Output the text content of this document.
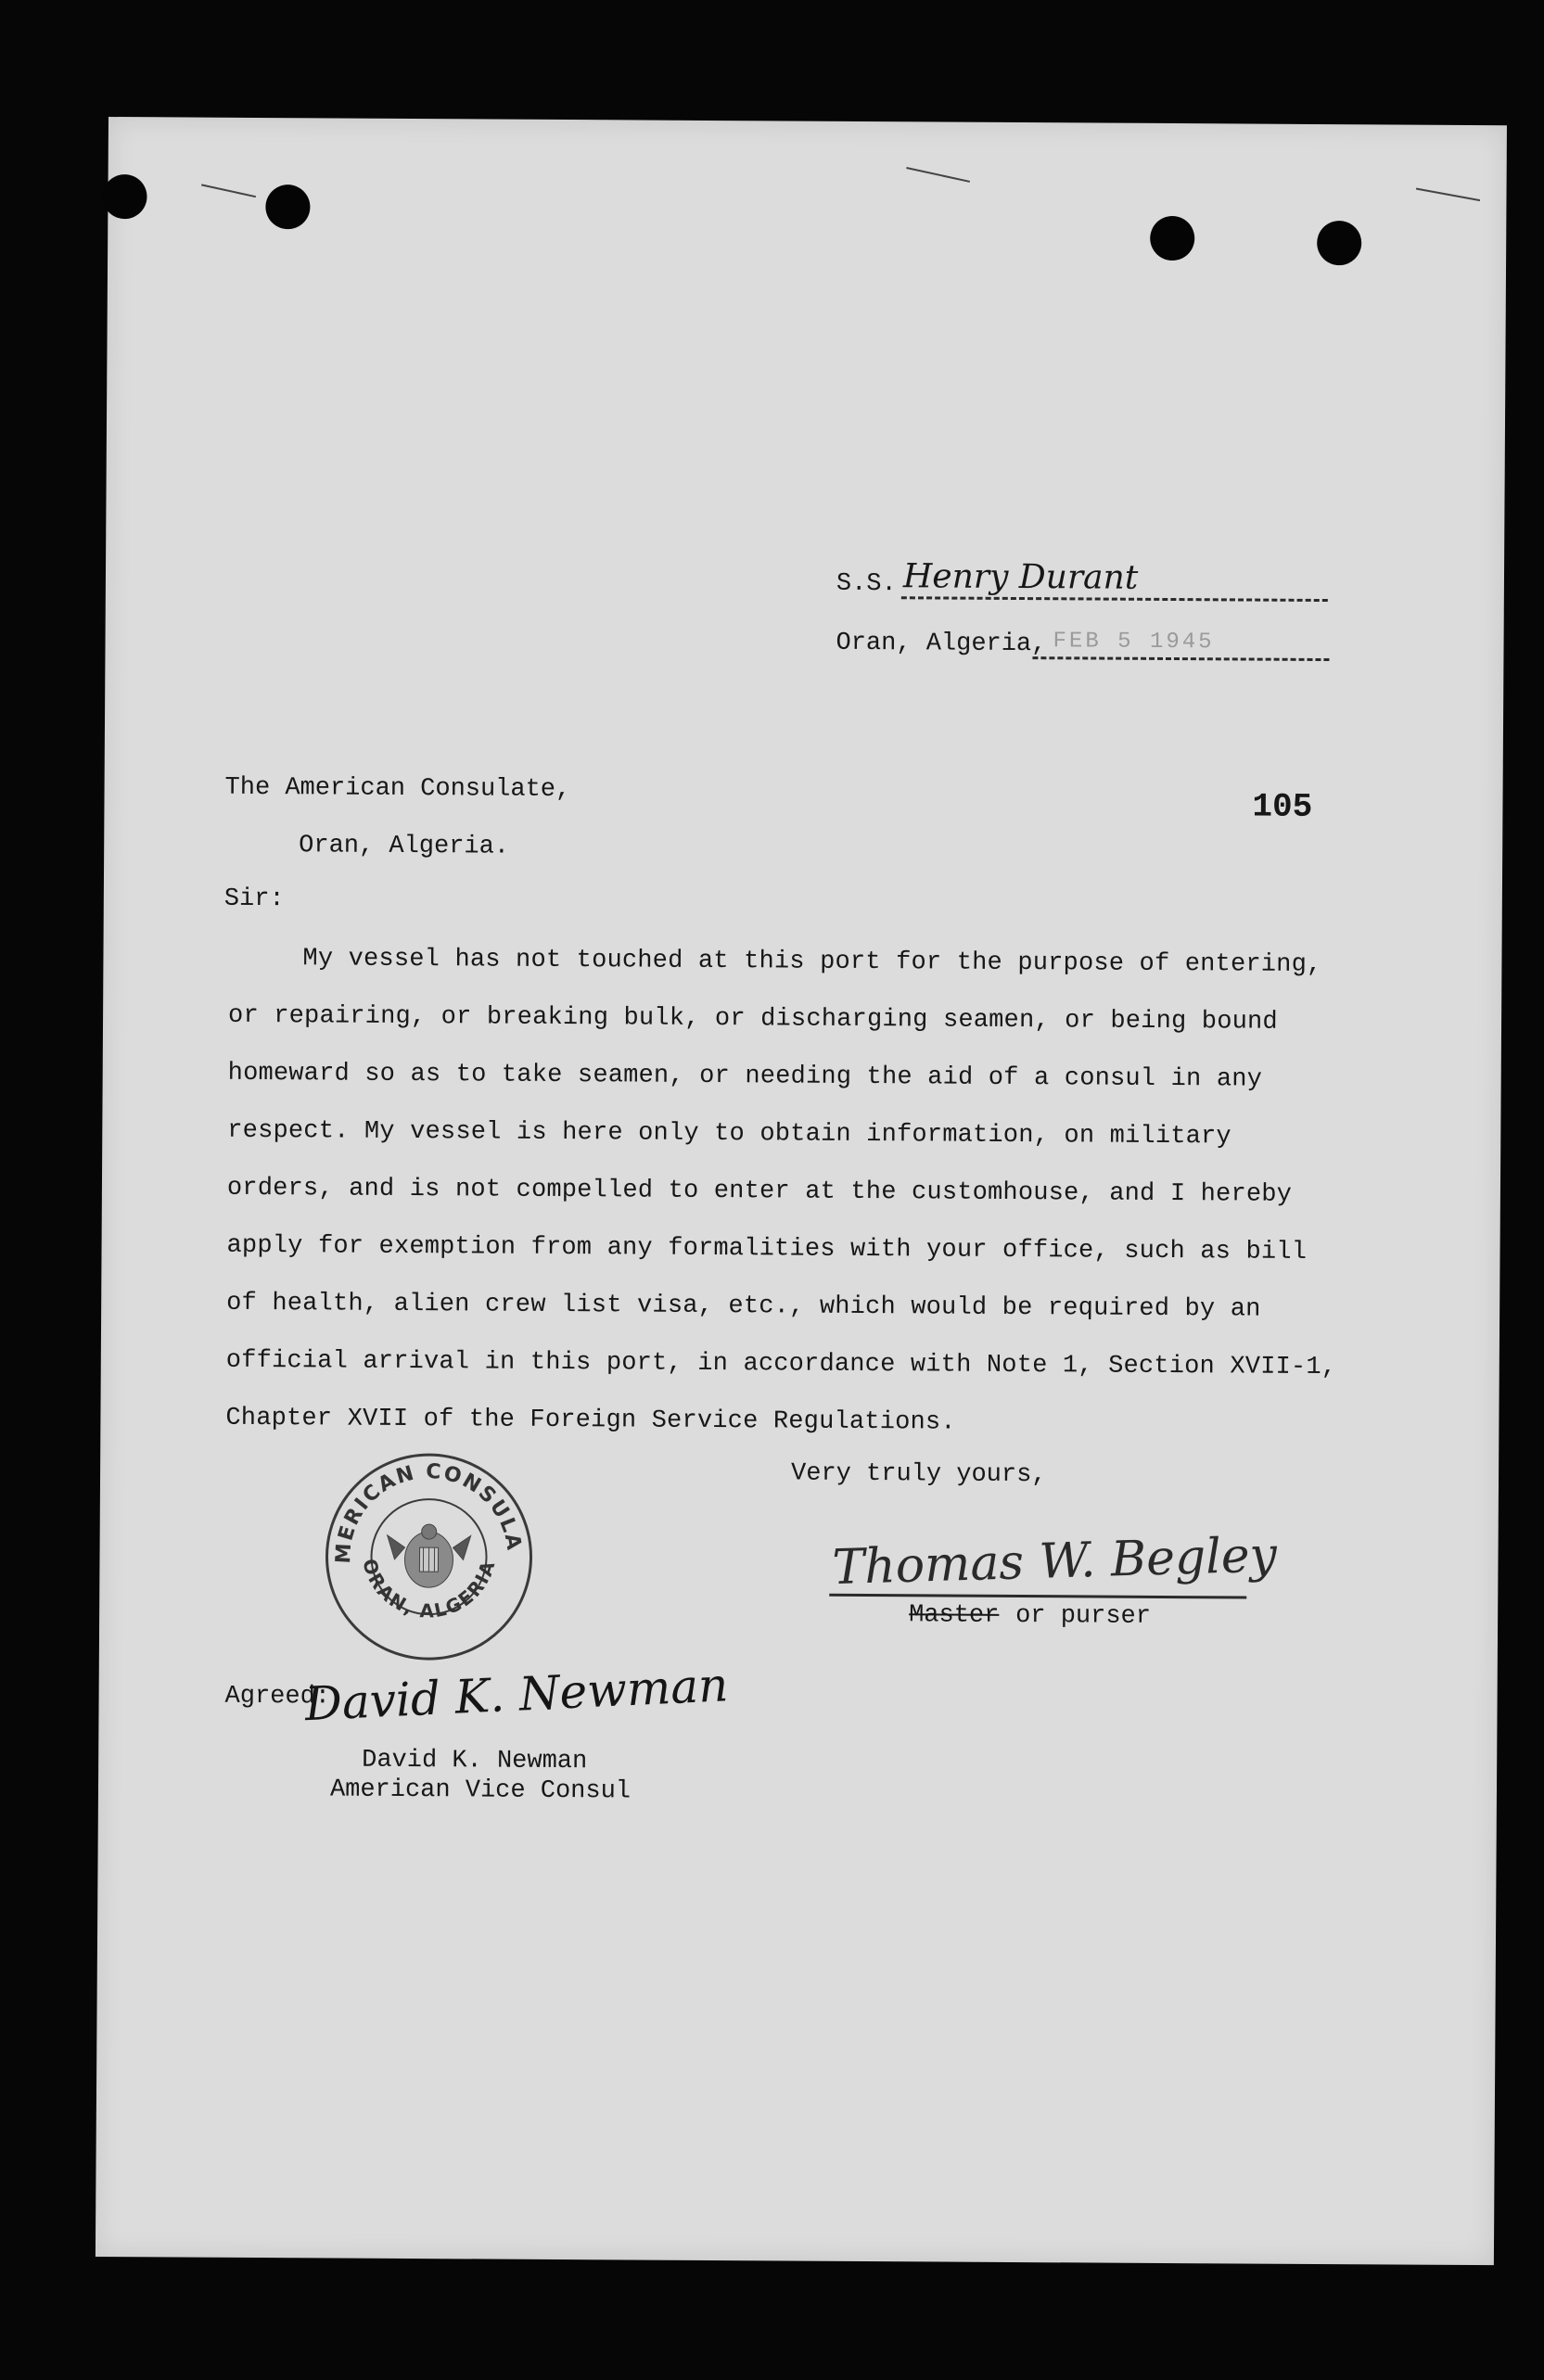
S.S. Henry Durant
Oran, Algeria, FEB 5 1945
The American Consulate,
Oran, Algeria.
105
Sir:

My vessel has not touched at this port for the purpose of entering,

or repairing, or breaking bulk, or discharging seamen, or being bound

homeward so as to take seamen, or needing the aid of a consul in any

respect. My vessel is here only to obtain information, on military

orders, and is not compelled to enter at the customhouse, and I hereby

apply for exemption from any formalities with your office, such as bill

of health, alien crew list visa, etc., which would be required by an

official arrival in this port, in accordance with Note 1, Section XVII-1,

Chapter XVII of the Foreign Service Regulations.

Very truly yours,
AMERICAN CONSULATE
ORAN, ALGERIA	Thomas W. Begley
Master or purser
Agreed:
David K. Newman
David K. Newman
American Vice Consul
